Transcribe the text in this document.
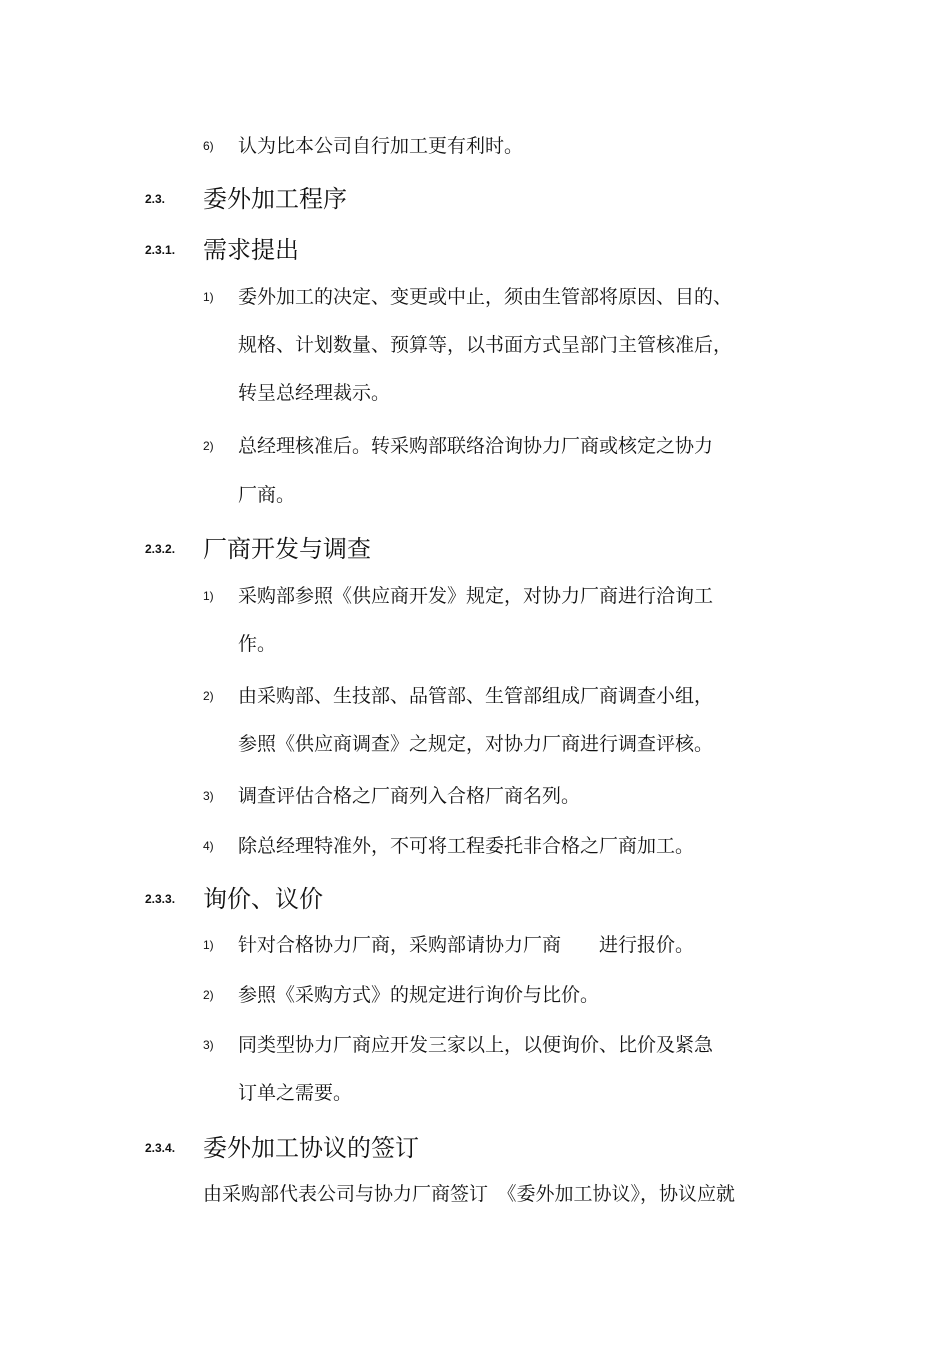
6) 认为比本公司自行加工更有利时。
2.3. 委外加工程序
2.3.1. 需求提出
1) 委外加工的决定、变更或中止，须由生管部将原因、目的、
规格、计划数量、预算等，以书面方式呈部门主管核准后，
转呈总经理裁示。
2) 总经理核准后。转采购部联络洽询协力厂商或核定之协力
厂商。
2.3.2. 厂商开发与调查
1) 采购部参照《供应商开发》规定，对协力厂商进行洽询工
作。
2) 由采购部、生技部、品管部、生管部组成厂商调查小组，
参照《供应商调查》之规定，对协力厂商进行调查评核。
3) 调查评估合格之厂商列入合格厂商名列。
4) 除总经理特准外，不可将工程委托非合格之厂商加工。
2.3.3. 询价、议价
1) 针对合格协力厂商，采购部请协力厂商　　进行报价。
2) 参照《采购方式》的规定进行询价与比价。
3) 同类型协力厂商应开发三家以上，以便询价、比价及紧急
订单之需要。
2.3.4. 委外加工协议的签订
由采购部代表公司与协力厂商签订　《委外加工协议》，协议应就
